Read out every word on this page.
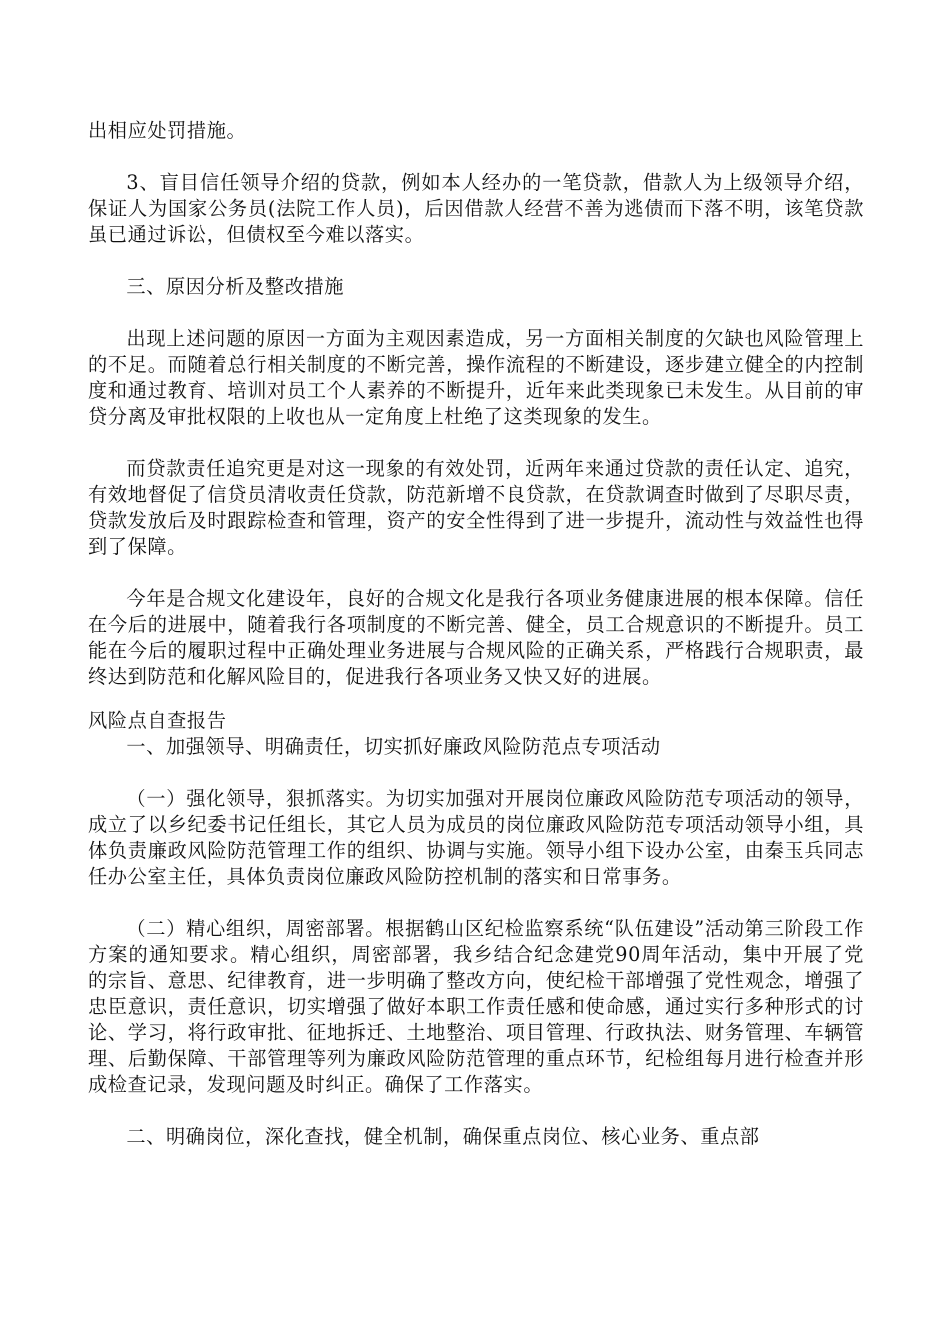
出相应处罚措施。

3、盲目信任领导介绍的贷款，例如本人经办的一笔贷款，借款人为上级领导介绍，保证人为国家公务员(法院工作人员)，后因借款人经营不善为逃债而下落不明，该笔贷款虽已通过诉讼，但债权至今难以落实。

三、原因分析及整改措施

出现上述问题的原因一方面为主观因素造成，另一方面相关制度的欠缺也风险管理上的不足。而随着总行相关制度的不断完善，操作流程的不断建设，逐步建立健全的内控制度和通过教育、培训对员工个人素养的不断提升，近年来此类现象已未发生。从目前的审贷分离及审批权限的上收也从一定角度上杜绝了这类现象的发生。

而贷款责任追究更是对这一现象的有效处罚，近两年来通过贷款的责任认定、追究，有效地督促了信贷员清收责任贷款，防范新增不良贷款，在贷款调查时做到了尽职尽责，贷款发放后及时跟踪检查和管理，资产的安全性得到了进一步提升，流动性与效益性也得到了保障。

今年是合规文化建设年，良好的合规文化是我行各项业务健康进展的根本保障。信任在今后的进展中，随着我行各项制度的不断完善、健全，员工合规意识的不断提升。员工能在今后的履职过程中正确处理业务进展与合规风险的正确关系，严格践行合规职责，最终达到防范和化解风险目的，促进我行各项业务又快又好的进展。

风险点自查报告

一、加强领导、明确责任，切实抓好廉政风险防范点专项活动

（一）强化领导，狠抓落实。为切实加强对开展岗位廉政风险防范专项活动的领导，成立了以乡纪委书记任组长，其它人员为成员的岗位廉政风险防范专项活动领导小组，具体负责廉政风险防范管理工作的组织、协调与实施。领导小组下设办公室，由秦玉兵同志任办公室主任，具体负责岗位廉政风险防控机制的落实和日常事务。

（二）精心组织，周密部署。根据鹤山区纪检监察系统“队伍建设”活动第三阶段工作方案的通知要求。精心组织，周密部署，我乡结合纪念建党90周年活动，集中开展了党的宗旨、意思、纪律教育，进一步明确了整改方向，使纪检干部增强了党性观念，增强了忠臣意识，责任意识，切实增强了做好本职工作责任感和使命感，通过实行多种形式的讨论、学习，将行政审批、征地拆迁、土地整治、项目管理、行政执法、财务管理、车辆管理、后勤保障、干部管理等列为廉政风险防范管理的重点环节，纪检组每月进行检查并形成检查记录，发现问题及时纠正。确保了工作落实。

二、明确岗位，深化查找，健全机制，确保重点岗位、核心业务、重点部
